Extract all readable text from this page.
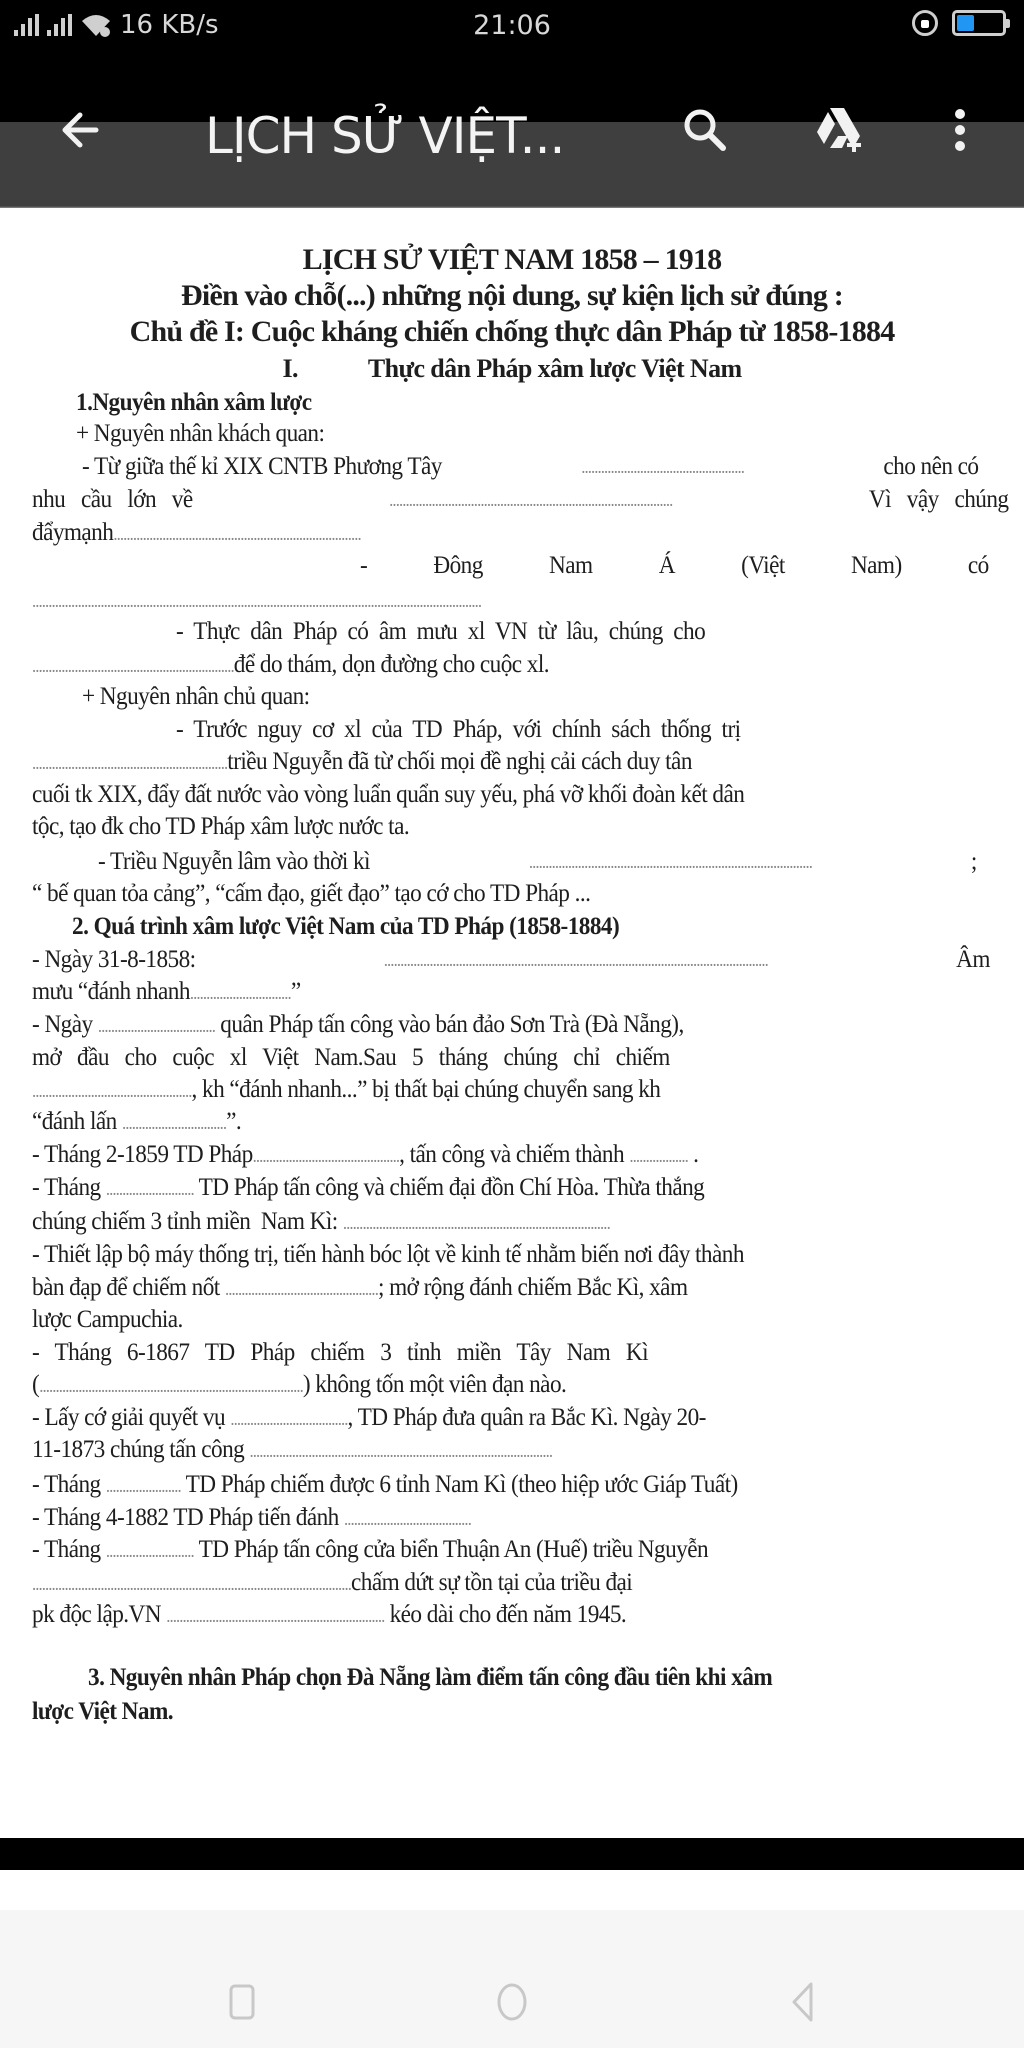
16 KB/s	21:06
LỊCH SỬ VIỆT...
LỊCH SỬ VIỆT NAM 1858 – 1918
Điền vào chỗ(...) những nội dung, sự kiện lịch sử đúng :
Chủ đề I: Cuộc kháng chiến chống thực dân Pháp từ 1858-1884
I.	Thực dân Pháp xâm lược Việt Nam
1.Nguyên nhân xâm lược
+ Nguyên nhân khách quan:
- Từ giữa thế kỉ XIX CNTB Phương Tây	..................................................	cho nên có
nhu   cầu   lớn   về	.......................................................................................	Vì   vậy   chúng
đẩymạnh............................................................................
-	Đông	Nam	Á	(Việt	Nam)	có
..........................................................................................................................................
-  Thực  dân  Pháp  có  âm  mưu  xl  VN  từ  lâu,  chúng  cho
..............................................................để do thám, dọn đường cho cuộc xl.
+ Nguyên nhân chủ quan:
-  Trước  nguy  cơ  xl  của  TD  Pháp,  với  chính  sách  thống  trị
............................................................triều Nguyễn đã từ chối mọi đề nghị cải cách duy tân
cuối tk XIX, đẩy đất nước vào vòng luẩn quẩn suy yếu, phá vỡ khối đoàn kết dân
tộc, tạo đk cho TD Pháp xâm lược nước ta.
- Triều Nguyễn lâm vào thời kì	.......................................................................................	;
“ bế quan tỏa cảng”, “cấm đạo, giết đạo” tạo cớ cho TD Pháp ...
2. Quá trình xâm lược Việt Nam của TD Pháp (1858-1884)
- Ngày 31-8-1858:	......................................................................................................................	Âm
mưu “đánh nhanh...............................”
- Ngày .................................... quân Pháp tấn công vào bán đảo Sơn Trà (Đà Nẵng),
mở   đầu   cho   cuộc   xl   Việt   Nam.Sau   5   tháng   chúng   chỉ   chiếm
................................................., kh “đánh nhanh...” bị thất bại chúng chuyển sang kh
“đánh lấn ................................”.
- Tháng 2-1859 TD Pháp............................................., tấn công và chiếm thành .................. .
- Tháng ........................... TD Pháp tấn công và chiếm đại đồn Chí Hòa. Thừa thắng
chúng chiếm 3 tỉnh miền  Nam Kì: ..................................................................................
- Thiết lập bộ máy thống trị, tiến hành bóc lột về kinh tế nhằm biến nơi đây thành
bàn đạp để chiếm nốt ...............................................; mở rộng đánh chiếm Bắc Kì, xâm
lược Campuchia.
-   Tháng   6-1867   TD   Pháp   chiếm   3   tỉnh   miền   Tây   Nam   Kì
(.................................................................................) không tốn một viên đạn nào.
- Lấy cớ giải quyết vụ ...................................., TD Pháp đưa quân ra Bắc Kì. Ngày 20-
11-1873 chúng tấn công .............................................................................................
- Tháng ....................... TD Pháp chiếm được 6 tỉnh Nam Kì (theo hiệp ước Giáp Tuất)
- Tháng 4-1882 TD Pháp tiến đánh .......................................
- Tháng ........................... TD Pháp tấn công cửa biển Thuận An (Huế) triều Nguyễn
..................................................................................................chấm dứt sự tồn tại của triều đại
pk độc lập.VN ................................................................... kéo dài cho đến năm 1945.
3. Nguyên nhân Pháp chọn Đà Nẵng làm điểm tấn công đầu tiên khi xâm
lược Việt Nam.
